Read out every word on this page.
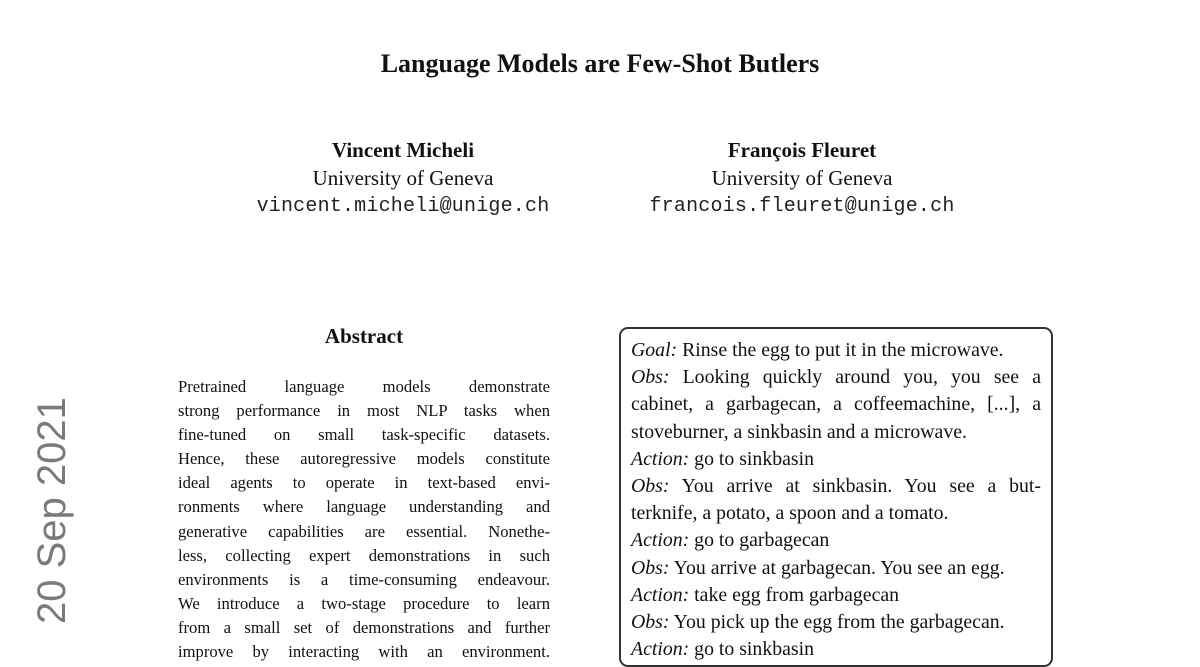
Language Models are Few-Shot Butlers
Vincent Micheli
University of Geneva
vincent.micheli@unige.ch
François Fleuret
University of Geneva
francois.fleuret@unige.ch
20 Sep 2021
Abstract
Pretrained language models demonstrate
strong performance in most NLP tasks when
fine-tuned on small task-specific datasets.
Hence, these autoregressive models constitute
ideal agents to operate in text-based envi-
ronments where language understanding and
generative capabilities are essential. Nonethe-
less, collecting expert demonstrations in such
environments is a time-consuming endeavour.
We introduce a two-stage procedure to learn
from a small set of demonstrations and further
improve by interacting with an environment.
Goal: Rinse the egg to put it in the microwave.
Obs: Looking quickly around you, you see a
cabinet, a garbagecan, a coffeemachine, [...], a
stoveburner, a sinkbasin and a microwave.
Action: go to sinkbasin
Obs: You arrive at sinkbasin. You see a but-
terknife, a potato, a spoon and a tomato.
Action: go to garbagecan
Obs: You arrive at garbagecan. You see an egg.
Action: take egg from garbagecan
Obs: You pick up the egg from the garbagecan.
Action: go to sinkbasin
